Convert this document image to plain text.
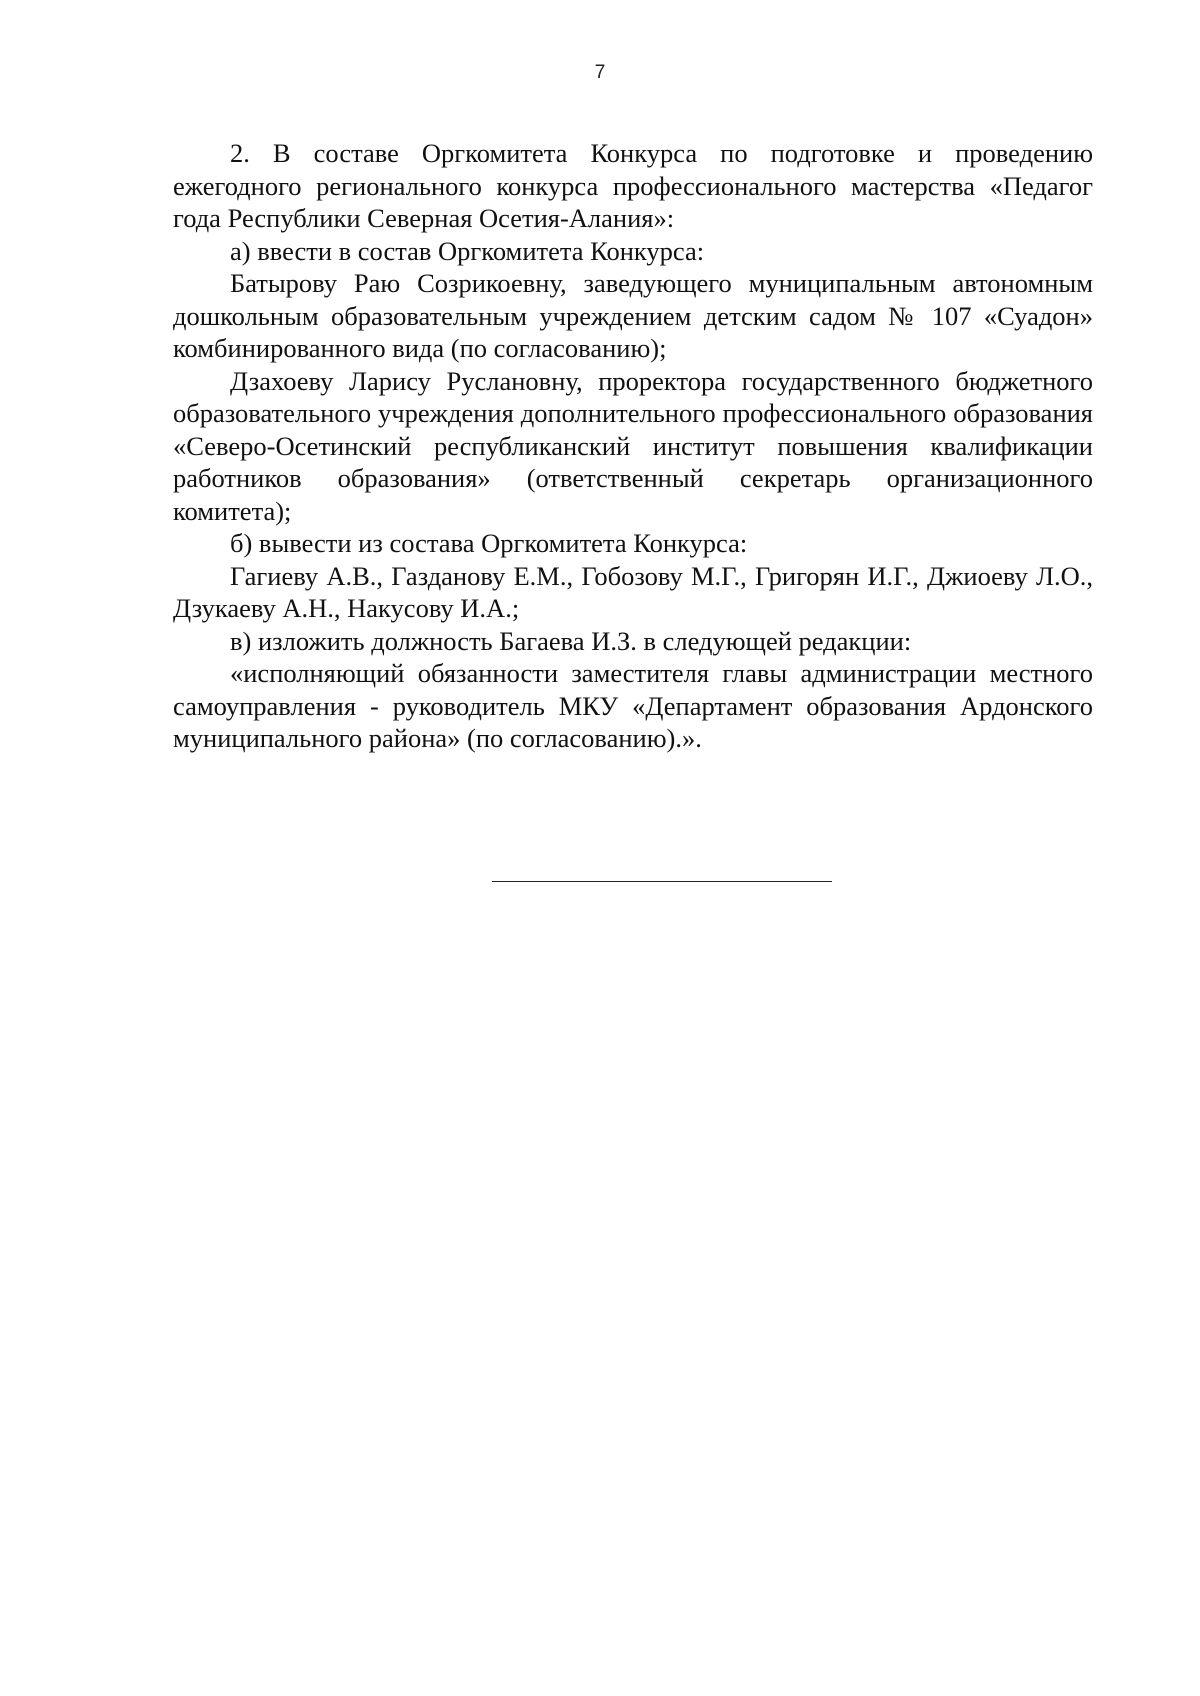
7

2. В составе Оргкомитета Конкурса по подготовке и проведению ежегодного регионального конкурса профессионального мастерства «Педагог года Республики Северная Осетия-Алания»:

а) ввести в состав Оргкомитета Конкурса:

Батырову Раю Созрикоевну, заведующего муниципальным автономным дошкольным образовательным учреждением детским садом № 107 «Суадон» комбинированного вида (по согласованию);

Дзахоеву Ларису Руслановну, проректора государственного бюджетного образовательного учреждения дополнительного профессионального образования «Северо-Осетинский республиканский институт повышения квалификации работников образования» (ответственный секретарь организационного комитета);

б) вывести из состава Оргкомитета Конкурса:

Гагиеву А.В., Газданову Е.М., Гобозову М.Г., Григорян И.Г., Джиоеву Л.О., Дзукаеву А.Н., Накусову И.А.;

в) изложить должность Багаева И.З. в следующей редакции:

«исполняющий обязанности заместителя главы администрации местного самоуправления - руководитель МКУ «Департамент образования Ардонского муниципального района» (по согласованию).».
